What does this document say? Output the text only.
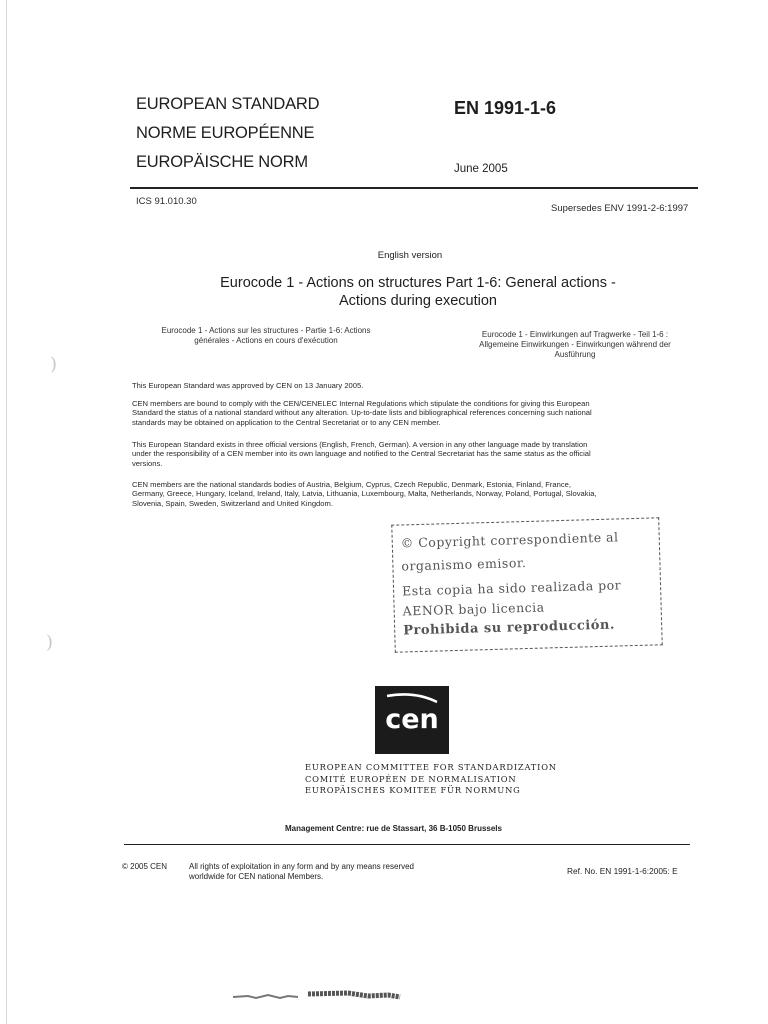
)
)
EUROPEAN STANDARD
NORME EUROPÉENNE
EUROPÄISCHE NORM
EN 1991-1-6
June 2005
ICS 91.010.30
Supersedes ENV 1991-2-6:1997
English version
Eurocode 1 - Actions on structures Part 1-6: General actions -
Actions during execution
Eurocode 1 - Actions sur les structures - Partie 1-6: Actions
générales - Actions en cours d'exécution
Eurocode 1 - Einwirkungen auf Tragwerke - Teil 1-6 :
Allgemeine Einwirkungen - Einwirkungen während der
Ausführung
This European Standard was approved by CEN on 13 January 2005.
CEN members are bound to comply with the CEN/CENELEC Internal Regulations which stipulate the conditions for giving this European
Standard the status of a national standard without any alteration. Up-to-date lists and bibliographical references concerning such national
standards may be obtained on application to the Central Secretariat or to any CEN member.
This European Standard exists in three official versions (English, French, German). A version in any other language made by translation
under the responsibility of a CEN member into its own language and notified to the Central Secretariat has the same status as the official
versions.
CEN members are the national standards bodies of Austria, Belgium, Cyprus, Czech Republic, Denmark, Estonia, Finland, France,
Germany, Greece, Hungary, Iceland, Ireland, Italy, Latvia, Lithuania, Luxembourg, Malta, Netherlands, Norway, Poland, Portugal, Slovakia,
Slovenia, Spain, Sweden, Switzerland and United Kingdom.
© Copyright correspondiente al
organismo emisor.
Esta copia ha sido realizada por
AENOR bajo licencia
Prohibida su reproducción.
cen
EUROPEAN COMMITTEE FOR STANDARDIZATION
COMITÉ EUROPÉEN DE NORMALISATION
EUROPÄISCHES KOMITEE FÜR NORMUNG
Management Centre: rue de Stassart, 36 B-1050 Brussels
© 2005 CEN	All rights of exploitation in any form and by any means reserved
worldwide for CEN national Members.
Ref. No. EN 1991-1-6:2005: E
